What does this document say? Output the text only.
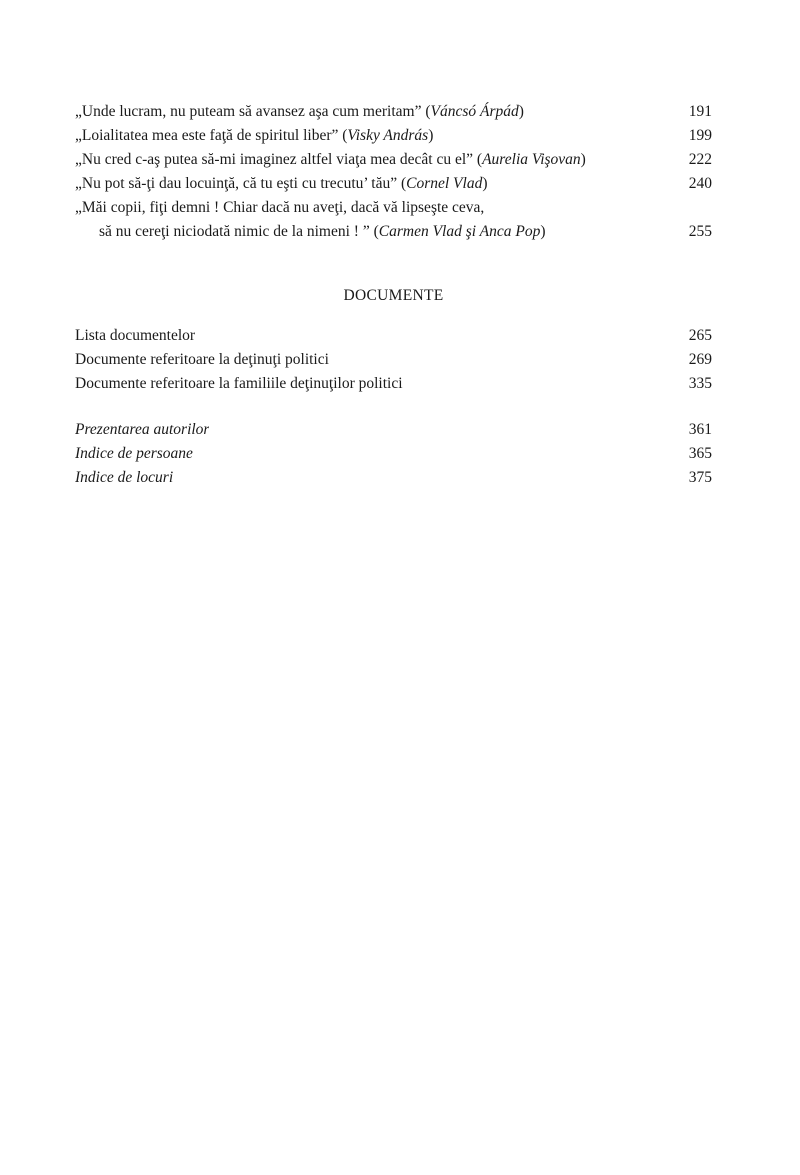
„Unde lucram, nu puteam să avansez aşa cum meritam” (Váncsó Árpád)	191
„Loialitatea mea este faţă de spiritul liber” (Visky András)	199
„Nu cred c-aş putea să-mi imaginez altfel viaţa mea decât cu el” (Aurelia Vişovan)	222
„Nu pot să-ţi dau locuinţă, că tu eşti cu trecutu’ tău” (Cornel Vlad)	240
„Măi copii, fiţi demni ! Chiar dacă nu aveţi, dacă vă lipseşte ceva,
să nu cereţi niciodată nimic de la nimeni ! ” (Carmen Vlad şi Anca Pop)	255
DOCUMENTE
Lista documentelor	265
Documente referitoare la deţinuţi politici	269
Documente referitoare la familiile deţinuţilor politici	335
Prezentarea autorilor	361
Indice de persoane	365
Indice de locuri	375
